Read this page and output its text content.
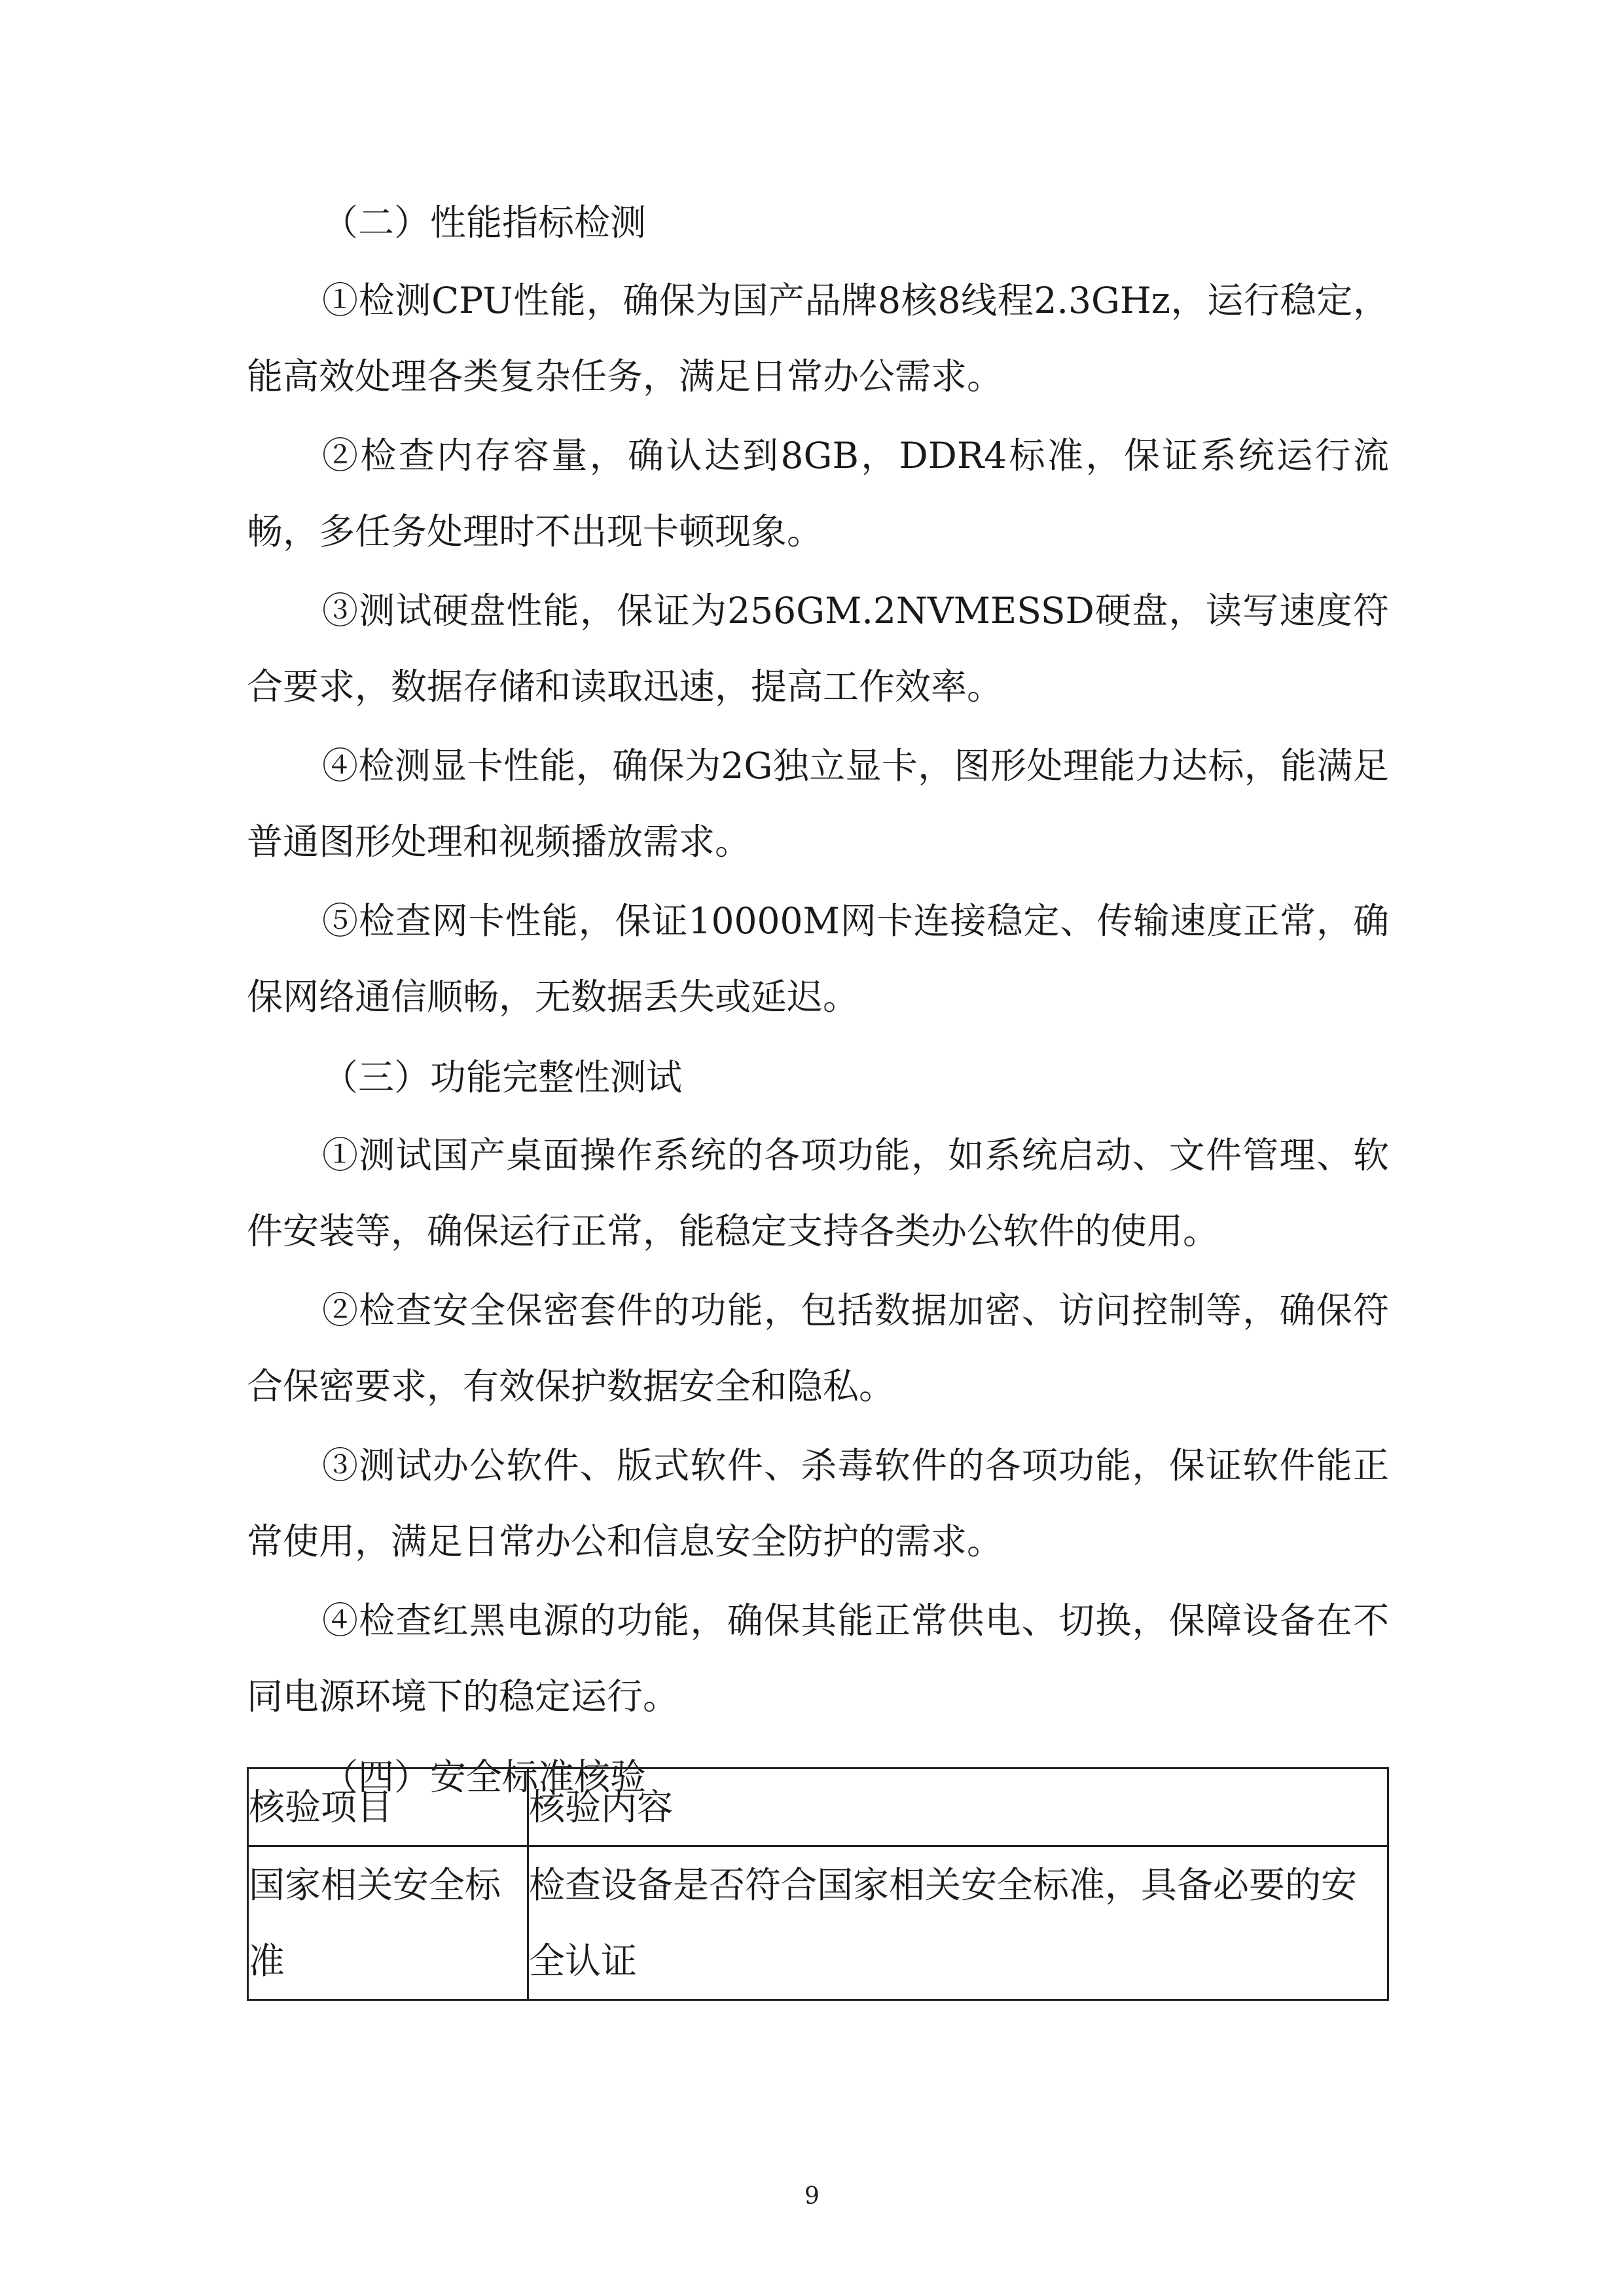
（二）性能指标检测
①检测CPU性能，确保为国产品牌8核8线程2.3GHz，运行稳定，能高效处理各类复杂任务，满足日常办公需求。
②检查内存容量，确认达到8GB，DDR4标准，保证系统运行流畅，多任务处理时不出现卡顿现象。
③测试硬盘性能，保证为256GM.2NVMESSD硬盘，读写速度符合要求，数据存储和读取迅速，提高工作效率。
④检测显卡性能，确保为2G独立显卡，图形处理能力达标，能满足普通图形处理和视频播放需求。
⑤检查网卡性能，保证10000M网卡连接稳定、传输速度正常，确保网络通信顺畅，无数据丢失或延迟。
（三）功能完整性测试
①测试国产桌面操作系统的各项功能，如系统启动、文件管理、软件安装等，确保运行正常，能稳定支持各类办公软件的使用。
②检查安全保密套件的功能，包括数据加密、访问控制等，确保符合保密要求，有效保护数据安全和隐私。
③测试办公软件、版式软件、杀毒软件的各项功能，保证软件能正常使用，满足日常办公和信息安全防护的需求。
④检查红黑电源的功能，确保其能正常供电、切换，保障设备在不同电源环境下的稳定运行。
（四）安全标准核验
核验项目	核验内容
国家相关安全标准	检查设备是否符合国家相关安全标准，具备必要的安全认证
9
